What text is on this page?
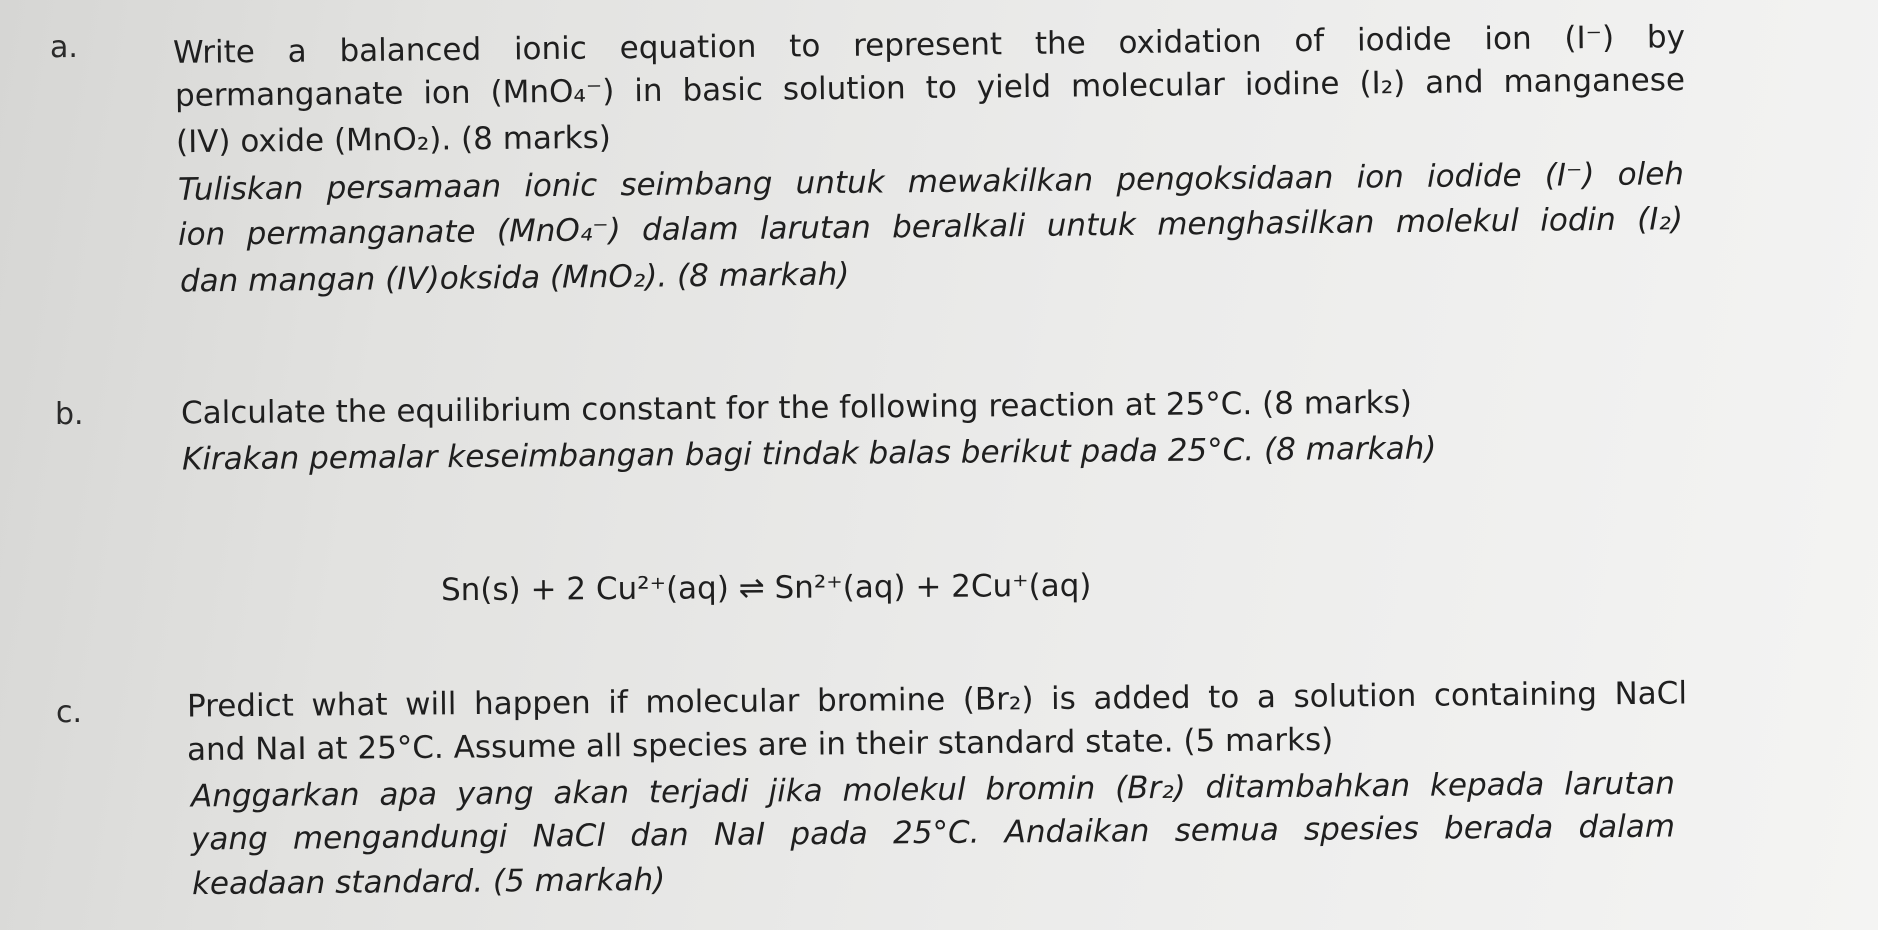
a.	Write a balanced ionic equation to represent the oxidation of iodide ion (I⁻) by
permanganate ion (MnO₄⁻) in basic solution to yield molecular iodine (I₂) and manganese
(IV) oxide (MnO₂). (8 marks)
Tuliskan persamaan ionic seimbang untuk mewakilkan pengoksidaan ion iodide (I⁻) oleh
ion permanganate (MnO₄⁻) dalam larutan beralkali untuk menghasilkan molekul iodin (I₂)
dan mangan (IV)oksida (MnO₂). (8 markah)
b.	Calculate the equilibrium constant for the following reaction at 25°C. (8 marks)
Kirakan pemalar keseimbangan bagi tindak balas berikut pada 25°C. (8 markah)
Sn(s) + 2 Cu²⁺(aq) ⇌ Sn²⁺(aq) + 2Cu⁺(aq)
c.	Predict what will happen if molecular bromine (Br₂) is added to a solution containing NaCl
and NaI at 25°C. Assume all species are in their standard state. (5 marks)
Anggarkan apa yang akan terjadi jika molekul bromin (Br₂) ditambahkan kepada larutan
yang mengandungi NaCl dan NaI pada 25°C. Andaikan semua spesies berada dalam
keadaan standard. (5 markah)
